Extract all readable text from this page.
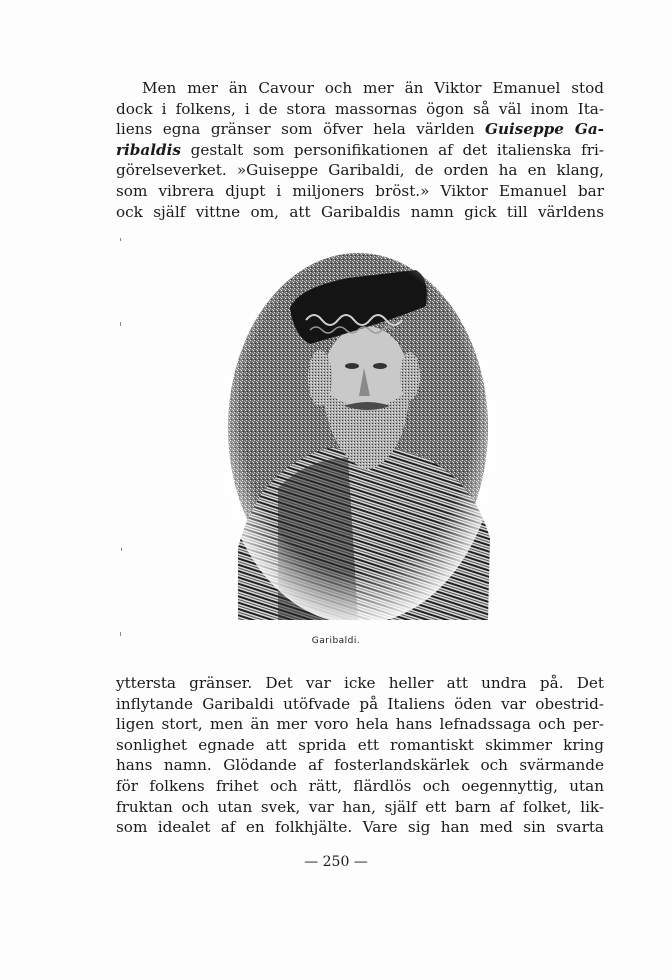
Men mer än Cavour och mer än Viktor Emanuel stod
dock i folkens, i de stora massornas ögon så väl inom Ita-
liens egna gränser som öfver hela världen Guiseppe Ga-
ribaldis gestalt som personifikationen af det italienska fri-
görelseverket. »Guiseppe Garibaldi, de orden ha en klang,
som vibrera djupt i miljoners bröst.» Viktor Emanuel bar
ock själf vittne om, att Garibaldis namn gick till världens
Garibaldi.
yttersta gränser. Det var icke heller att undra på. Det
inflytande Garibaldi utöfvade på Italiens öden var obestrid-
ligen stort, men än mer voro hela hans lefnadssaga och per-
sonlighet egnade att sprida ett romantiskt skimmer kring
hans namn. Glödande af fosterlandskärlek och svärmande
för folkens frihet och rätt, flärdlös och oegennyttig, utan
fruktan och utan svek, var han, själf ett barn af folket, lik-
som idealet af en folkhjälte. Vare sig han med sin svarta
— 250 —
